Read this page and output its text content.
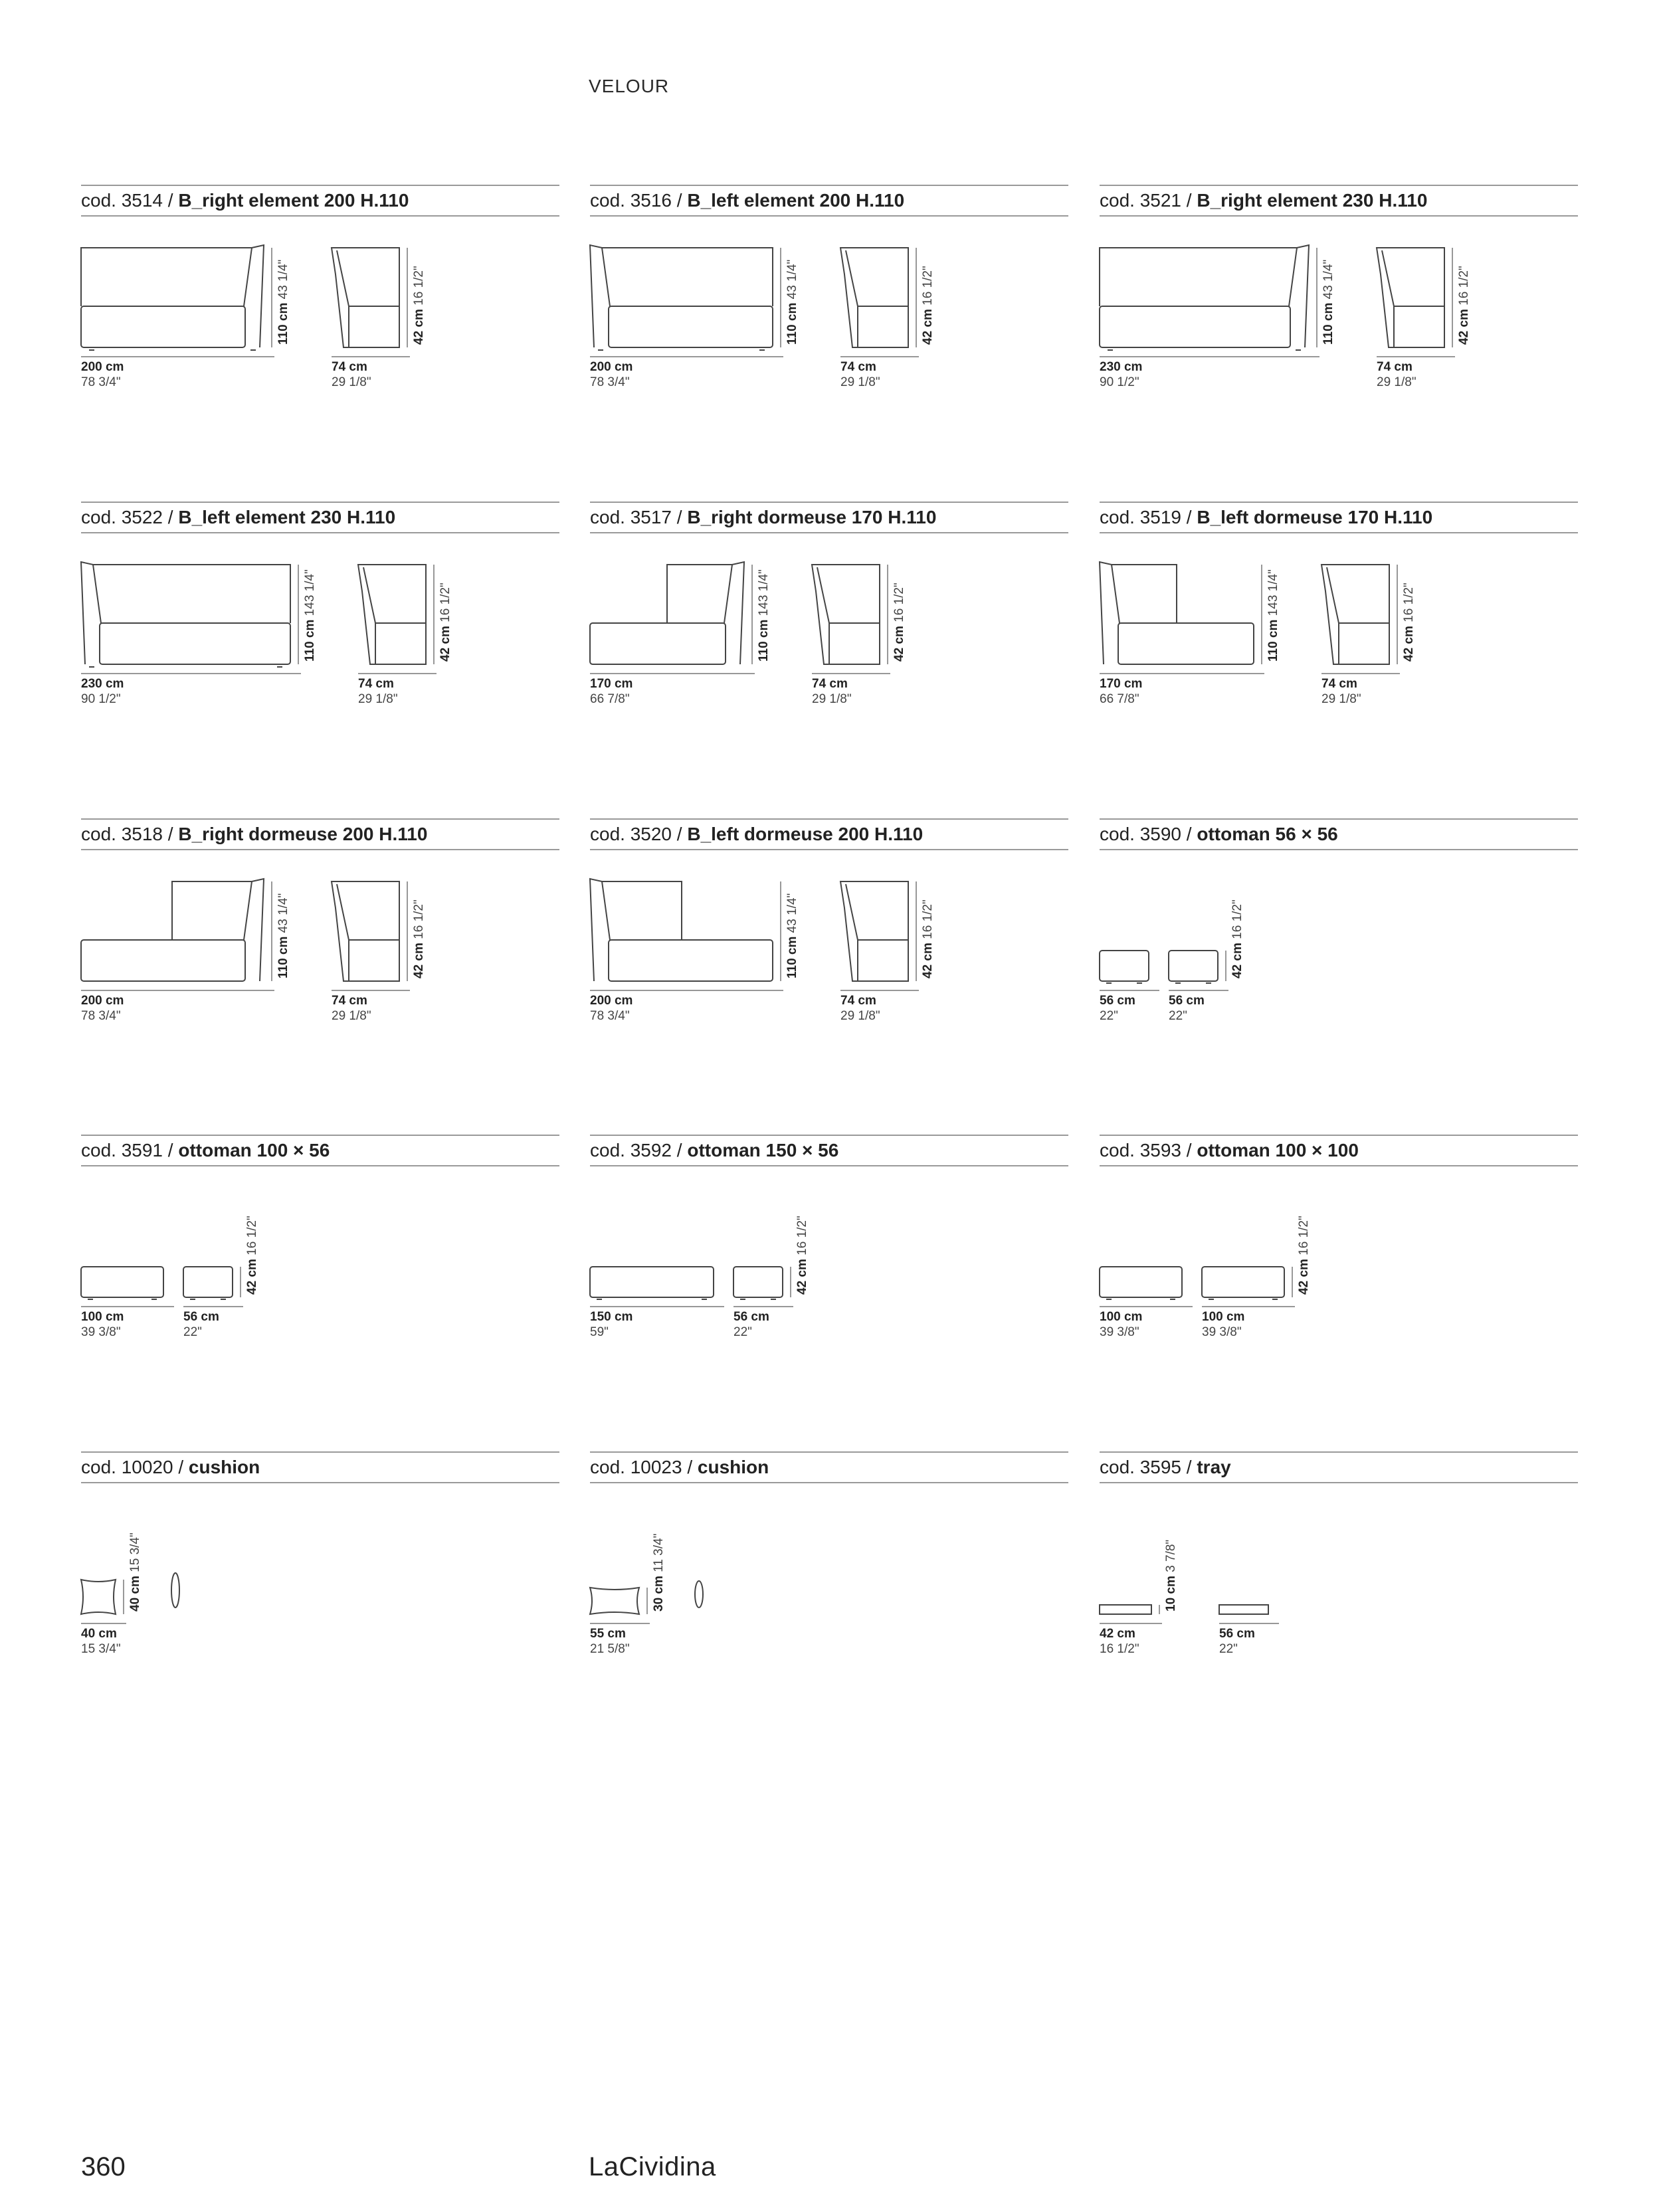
VELOUR
cod. 3514 / B_right element 200 H.110
200 cm
78 3/4"
110 cm 43 1/4"
74 cm
29 1/8"
42 cm 16 1/2"
cod. 3516 / B_left element 200 H.110
200 cm
78 3/4"
110 cm 43 1/4"
74 cm
29 1/8"
42 cm 16 1/2"
cod. 3521 / B_right element 230 H.110
230 cm
90 1/2"
110 cm 43 1/4"
74 cm
29 1/8"
42 cm 16 1/2"
cod. 3522 / B_left element 230 H.110
230 cm
90 1/2"
110 cm 143 1/4"
74 cm
29 1/8"
42 cm 16 1/2"
cod. 3517 / B_right dormeuse 170 H.110
170 cm
66 7/8"
110 cm 143 1/4"
74 cm
29 1/8"
42 cm 16 1/2"
cod. 3519 / B_left dormeuse 170 H.110
170 cm
66 7/8"
110 cm 143 1/4"
74 cm
29 1/8"
42 cm 16 1/2"
cod. 3518 / B_right dormeuse 200 H.110
200 cm
78 3/4"
110 cm 43 1/4"
74 cm
29 1/8"
42 cm 16 1/2"
cod. 3520 / B_left dormeuse 200 H.110
200 cm
78 3/4"
110 cm 43 1/4"
74 cm
29 1/8"
42 cm 16 1/2"
cod. 3590 / ottoman 56 × 56
56 cm
22"
56 cm
22"
42 cm 16 1/2"
cod. 3591 / ottoman 100 × 56
100 cm
39 3/8"
56 cm
22"
42 cm 16 1/2"
cod. 3592 / ottoman 150 × 56
150 cm
59"
56 cm
22"
42 cm 16 1/2"
cod. 3593 / ottoman 100 × 100
100 cm
39 3/8"
100 cm
39 3/8"
42 cm 16 1/2"
cod. 10020 / cushion
40 cm
15 3/4"
40 cm 15 3/4"
cod. 10023 / cushion
55 cm
21 5/8"
30 cm 11 3/4"
cod. 3595 / tray
42 cm
16 1/2"
10 cm 3 7/8"
56 cm
22"
360	LaCividina
